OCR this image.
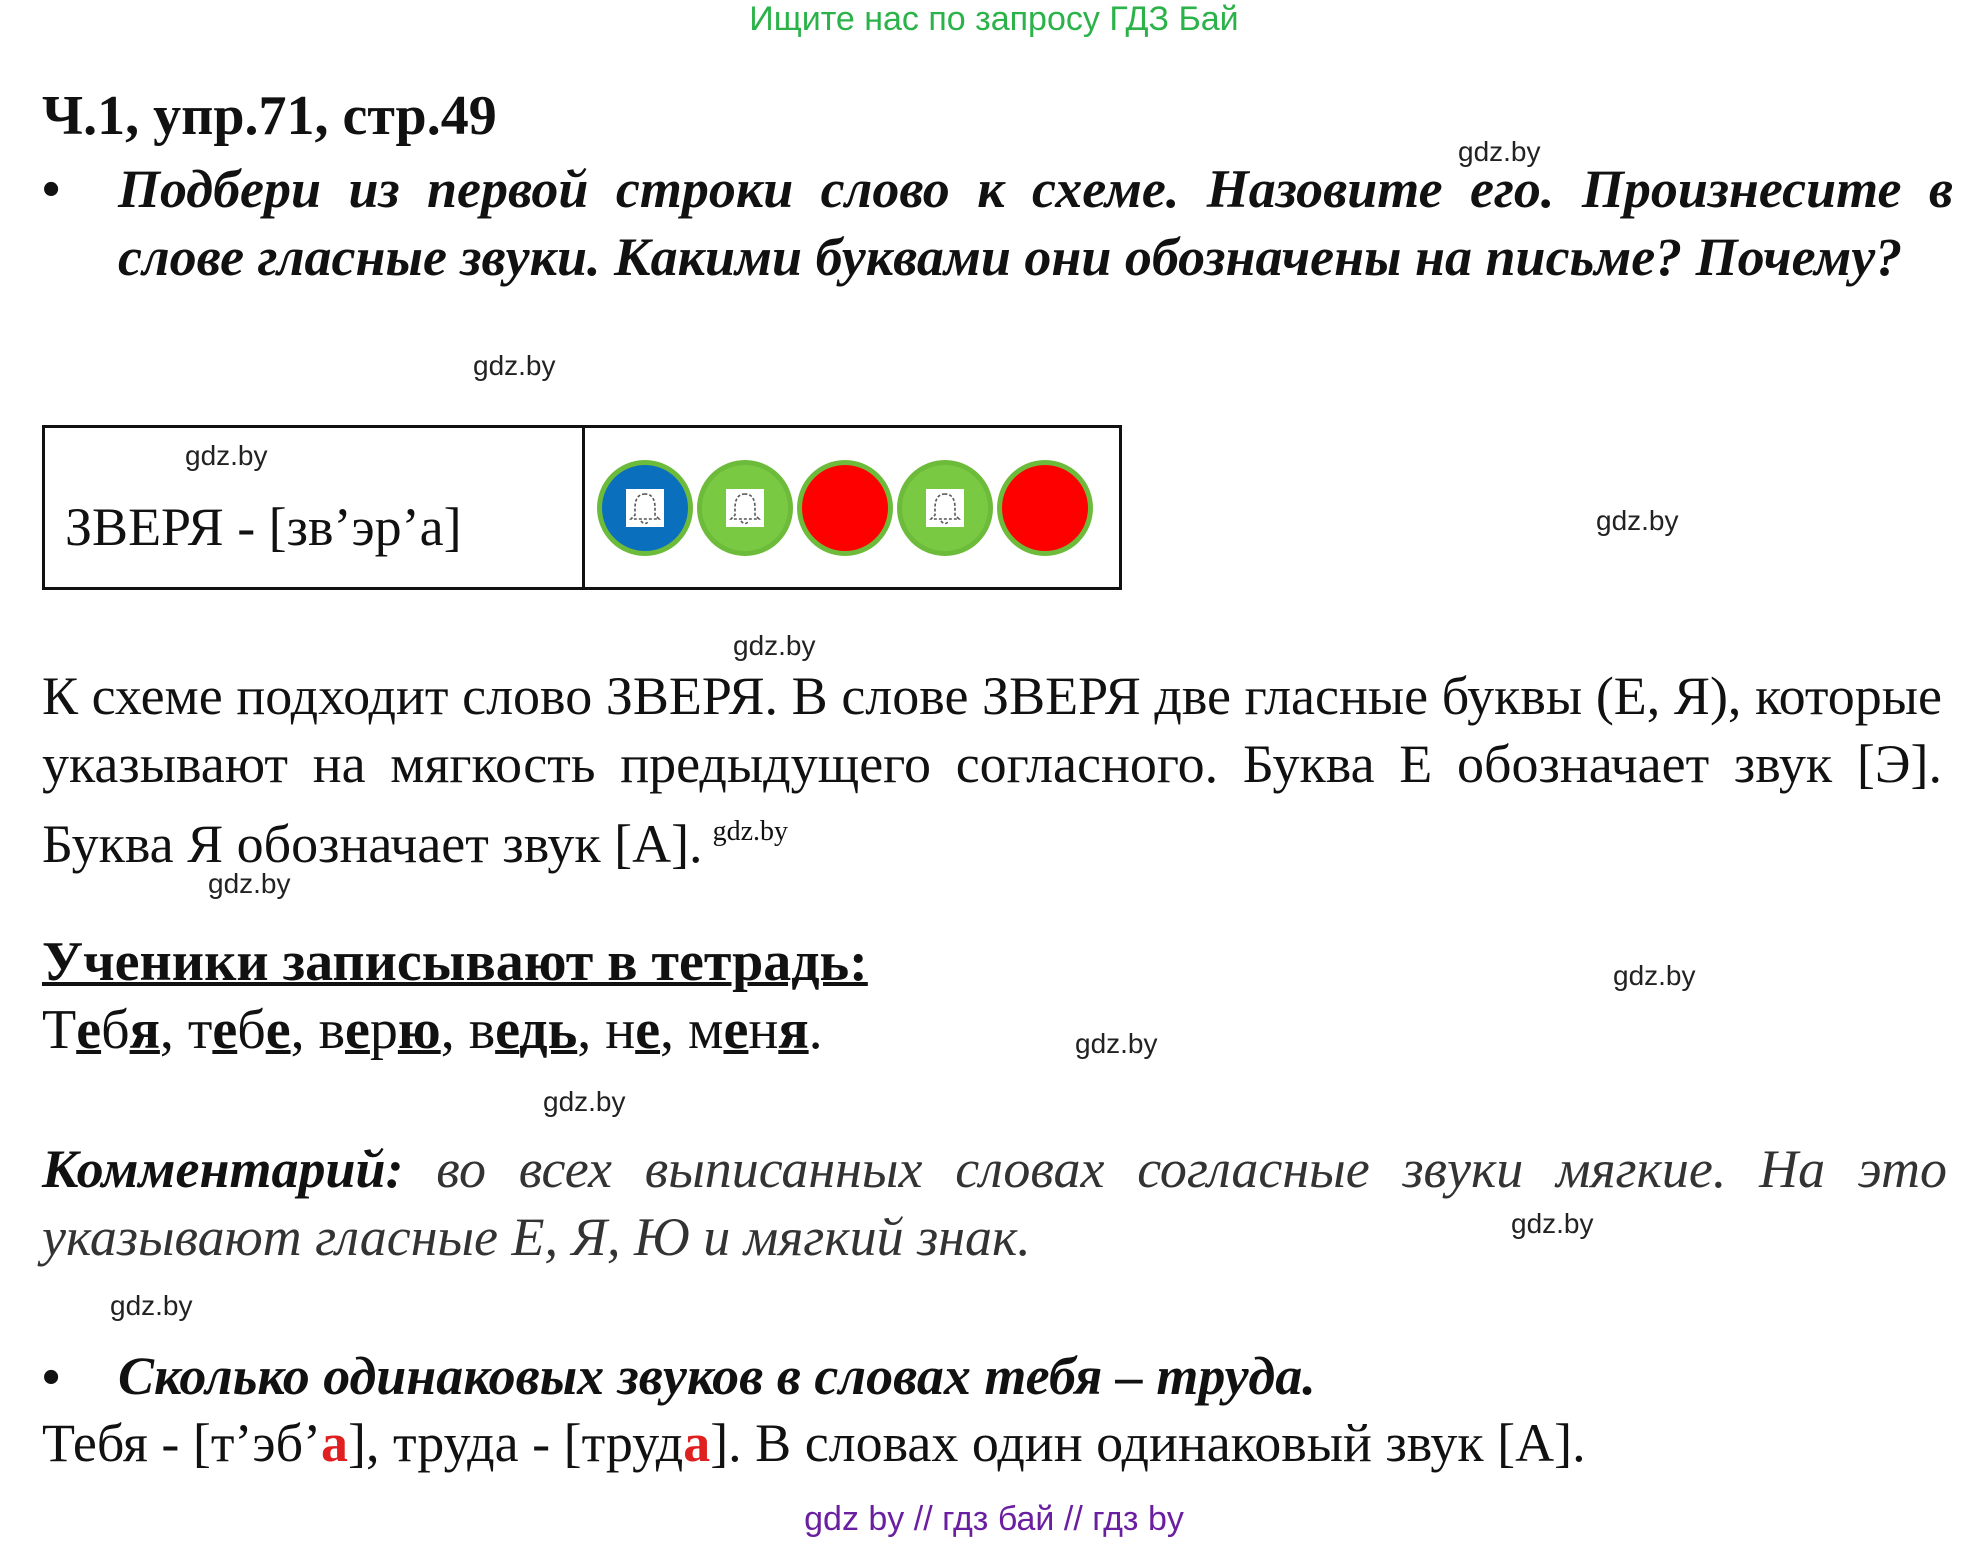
Ищите нас по запросу ГДЗ Бай
Ч.1, упр.71, стр.49
gdz.by
• Подбери из первой строки слово к схеме. Назовите его. Произнесите в слове гласные звуки. Какими буквами они обозначены на письме? Почему?
gdz.by
gdz.by
ЗВЕРЯ - [зв’эр’а]	gdz.by
gdz.by
К схеме подходит слово ЗВЕРЯ. В слове ЗВЕРЯ две гласные буквы (Е, Я), которые указывают на мягкость предыдущего согласного. Буква Е обозначает звук [Э]. Буква Я обозначает звук [А]. $^{gdz.by}$
gdz.by
Ученики записывают в тетрадь:	gdz.by
Тебя, тебе, верю, ведь, не, меня.	gdz.by
gdz.by
Комментарий: во всех выписанных словах согласные звуки мягкие. На это указывают гласные Е, Я, Ю и мягкий знак.	gdz.by
gdz.by
• Сколько одинаковых звуков в словах тебя – труда.
Тебя - [т’эб’а], труда - [труда]. В словах один одинаковый звук [А].
gdz by // гдз бай // гдз by
